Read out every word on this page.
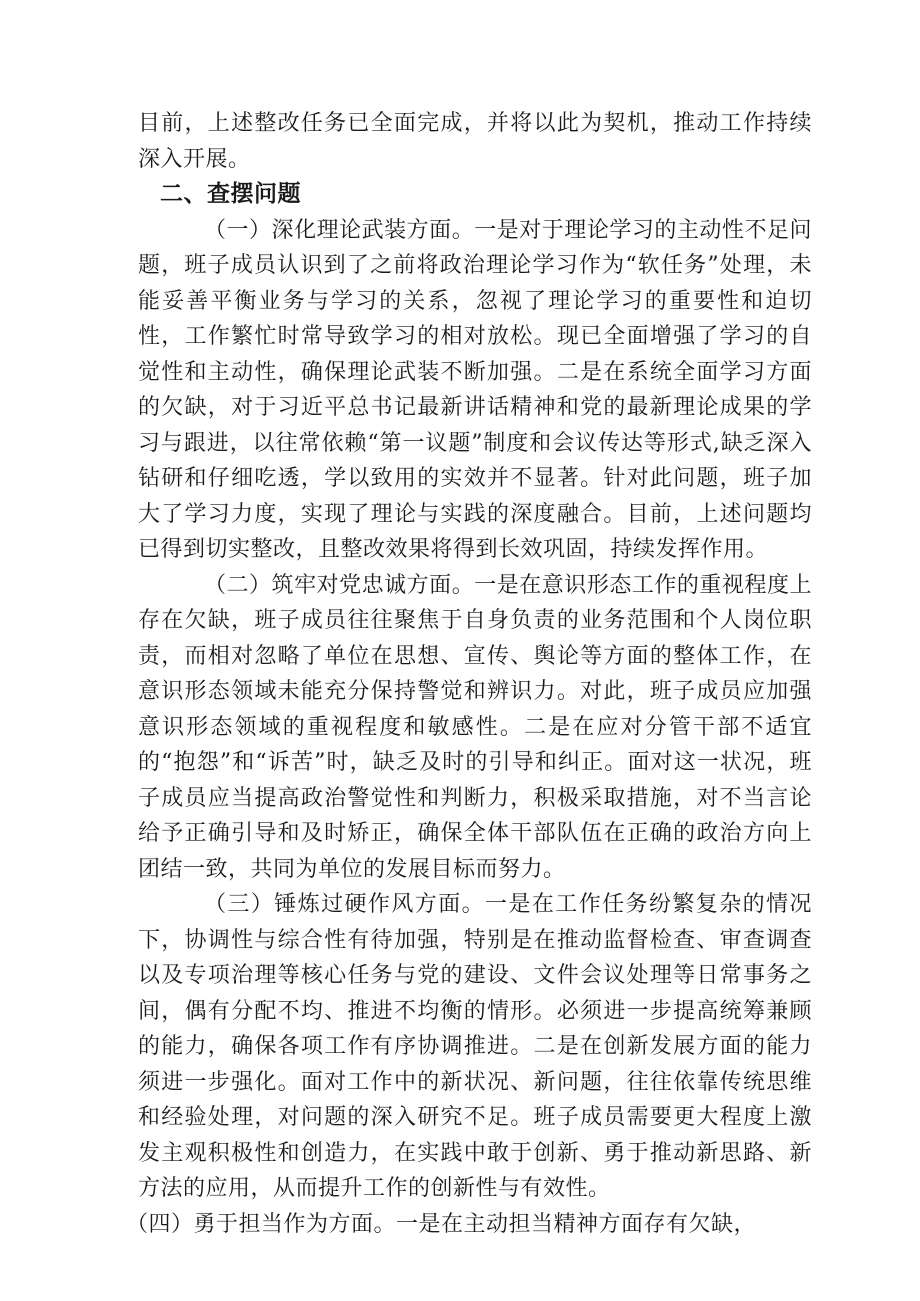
目前，上述整改任务已全面完成，并将以此为契机，推动工作持续深入开展。

二、查摆问题

（一）深化理论武装方面。一是对于理论学习的主动性不足问题，班子成员认识到了之前将政治理论学习作为“软任务”处理，未能妥善平衡业务与学习的关系，忽视了理论学习的重要性和迫切性，工作繁忙时常导致学习的相对放松。现已全面增强了学习的自觉性和主动性，确保理论武装不断加强。二是在系统全面学习方面的欠缺，对于习近平总书记最新讲话精神和党的最新理论成果的学习与跟进，以往常依赖“第一议题”制度和会议传达等形式,缺乏深入钻研和仔细吃透，学以致用的实效并不显著。针对此问题，班子加大了学习力度，实现了理论与实践的深度融合。目前，上述问题均已得到切实整改，且整改效果将得到长效巩固，持续发挥作用。

（二）筑牢对党忠诚方面。一是在意识形态工作的重视程度上存在欠缺，班子成员往往聚焦于自身负责的业务范围和个人岗位职责，而相对忽略了单位在思想、宣传、舆论等方面的整体工作，在意识形态领域未能充分保持警觉和辨识力。对此，班子成员应加强意识形态领域的重视程度和敏感性。二是在应对分管干部不适宜的“抱怨”和“诉苦”时，缺乏及时的引导和纠正。面对这一状况，班子成员应当提高政治警觉性和判断力，积极采取措施，对不当言论给予正确引导和及时矫正，确保全体干部队伍在正确的政治方向上团结一致，共同为单位的发展目标而努力。

（三）锤炼过硬作风方面。一是在工作任务纷繁复杂的情况下，协调性与综合性有待加强，特别是在推动监督检查、审查调查以及专项治理等核心任务与党的建设、文件会议处理等日常事务之间，偶有分配不均、推进不均衡的情形。必须进一步提高统筹兼顾的能力，确保各项工作有序协调推进。二是在创新发展方面的能力须进一步强化。面对工作中的新状况、新问题，往往依靠传统思维和经验处理，对问题的深入研究不足。班子成员需要更大程度上激发主观积极性和创造力，在实践中敢于创新、勇于推动新思路、新方法的应用，从而提升工作的创新性与有效性。

（四）勇于担当作为方面。一是在主动担当精神方面存有欠缺，
